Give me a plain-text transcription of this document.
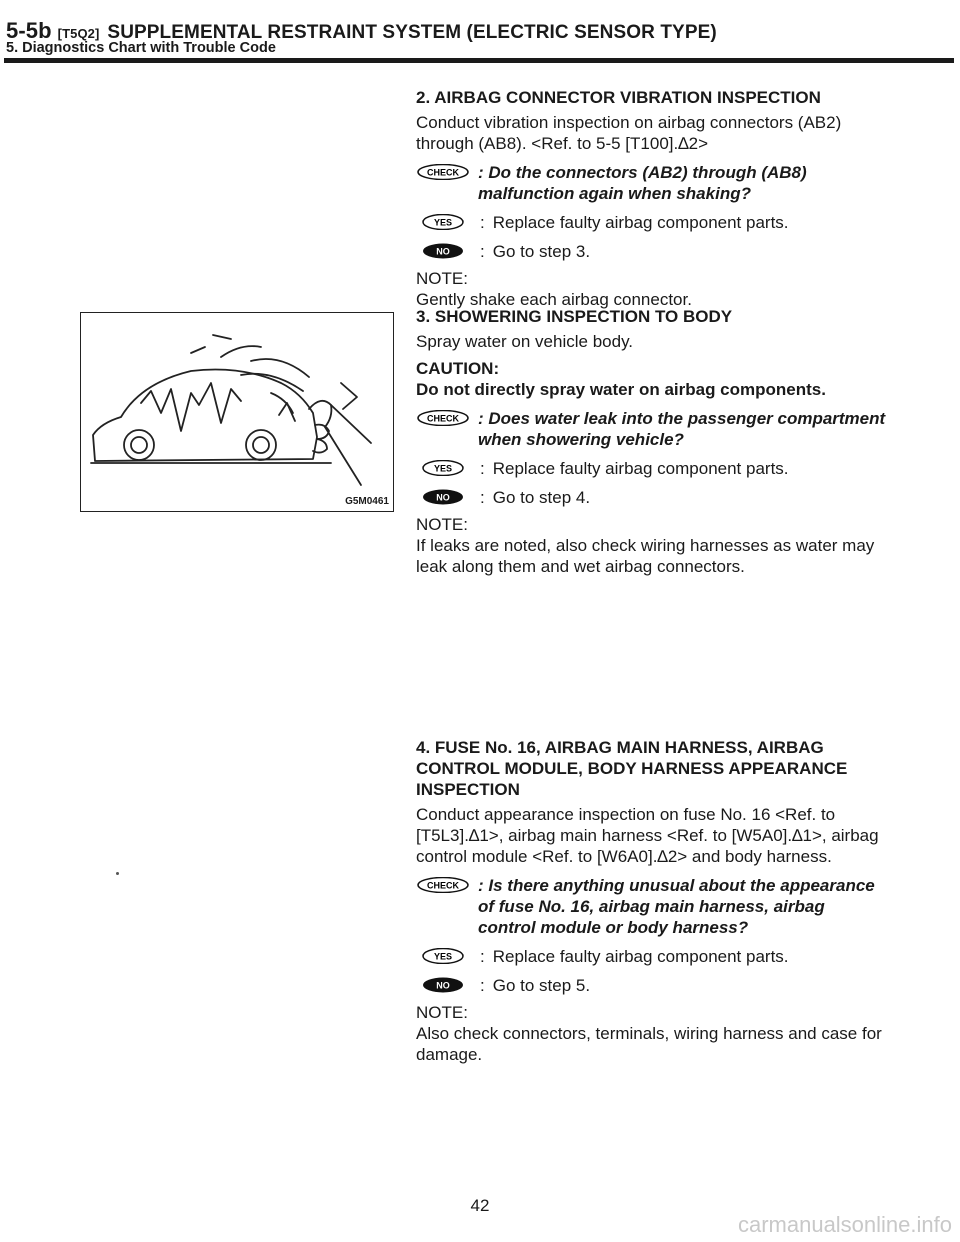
5-5b [T5Q2] SUPPLEMENTAL RESTRAINT SYSTEM (ELECTRIC SENSOR TYPE)
5. Diagnostics Chart with Trouble Code
G5M0461
2. AIRBAG CONNECTOR VIBRATION INSPECTION

Conduct vibration inspection on airbag connectors (AB2) through (AB8). <Ref. to 5-5 [T100].∆2>

CHECK : Do the connectors (AB2) through (AB8) malfunction again when shaking?
YES : Replace faulty airbag component parts.
NO : Go to step 3.
NOTE:
Gently shake each airbag connector.
3. SHOWERING INSPECTION TO BODY

Spray water on vehicle body.

CAUTION:
Do not directly spray water on airbag components.
CHECK : Does water leak into the passenger compartment when showering vehicle?
YES : Replace faulty airbag component parts.
NO : Go to step 4.
NOTE:
If leaks are noted, also check wiring harnesses as water may leak along them and wet airbag connectors.
4. FUSE No. 16, AIRBAG MAIN HARNESS, AIRBAG CONTROL MODULE, BODY HARNESS APPEARANCE INSPECTION

Conduct appearance inspection on fuse No. 16 <Ref. to [T5L3].∆1>, airbag main harness <Ref. to [W5A0].∆1>, airbag control module <Ref. to [W6A0].∆2> and body harness.

CHECK : Is there anything unusual about the appearance of fuse No. 16, airbag main harness, airbag control module or body harness?
YES : Replace faulty airbag component parts.
NO : Go to step 5.
NOTE:
Also check connectors, terminals, wiring harness and case for damage.
42
carmanualsonline.info
